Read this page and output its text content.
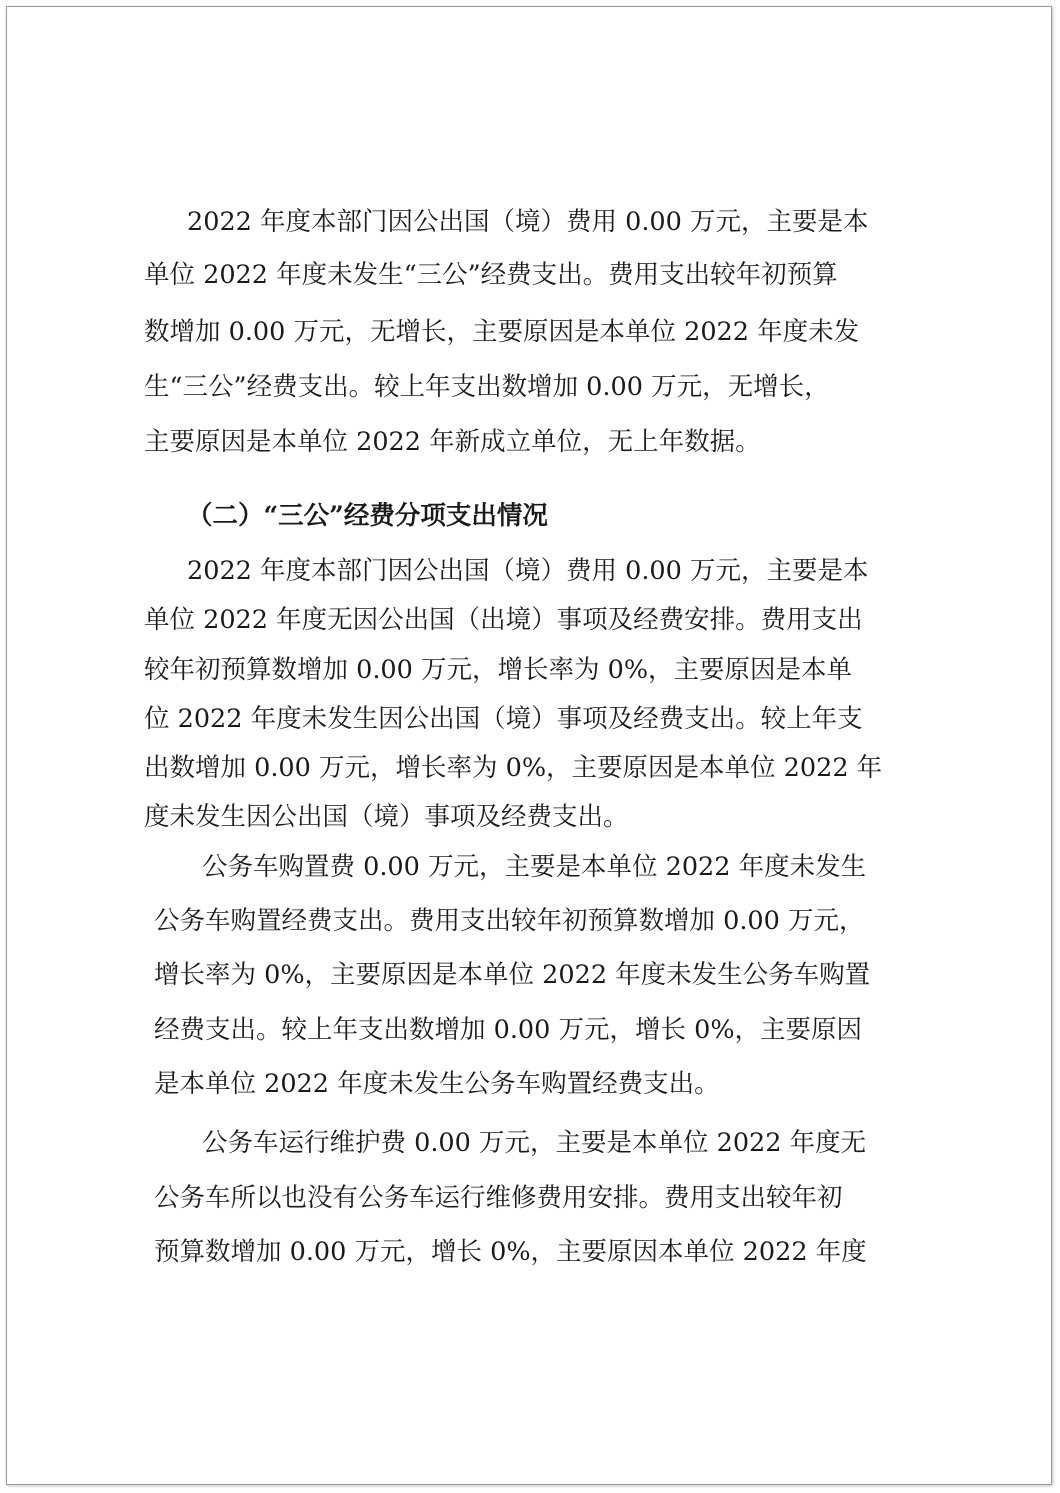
2022 年度本部门因公出国（境）费用 0.00 万元，主要是本
单位 2022 年度未发生“三公”经费支出。费用支出较年初预算
数增加 0.00 万元，无增长，主要原因是本单位 2022 年度未发
生“三公”经费支出。较上年支出数增加 0.00 万元，无增长，
主要原因是本单位 2022 年新成立单位，无上年数据。
（二）“三公”经费分项支出情况
2022 年度本部门因公出国（境）费用 0.00 万元，主要是本
单位 2022 年度无因公出国（出境）事项及经费安排。费用支出
较年初预算数增加 0.00 万元，增长率为 0%，主要原因是本单
位 2022 年度未发生因公出国（境）事项及经费支出。较上年支
出数增加 0.00 万元，增长率为 0%，主要原因是本单位 2022 年
度未发生因公出国（境）事项及经费支出。
公务车购置费 0.00 万元，主要是本单位 2022 年度未发生
公务车购置经费支出。费用支出较年初预算数增加 0.00 万元，
增长率为 0%，主要原因是本单位 2022 年度未发生公务车购置
经费支出。较上年支出数增加 0.00 万元，增长 0%，主要原因
是本单位 2022 年度未发生公务车购置经费支出。
公务车运行维护费 0.00 万元，主要是本单位 2022 年度无
公务车所以也没有公务车运行维修费用安排。费用支出较年初
预算数增加 0.00 万元，增长 0%，主要原因本单位 2022 年度
